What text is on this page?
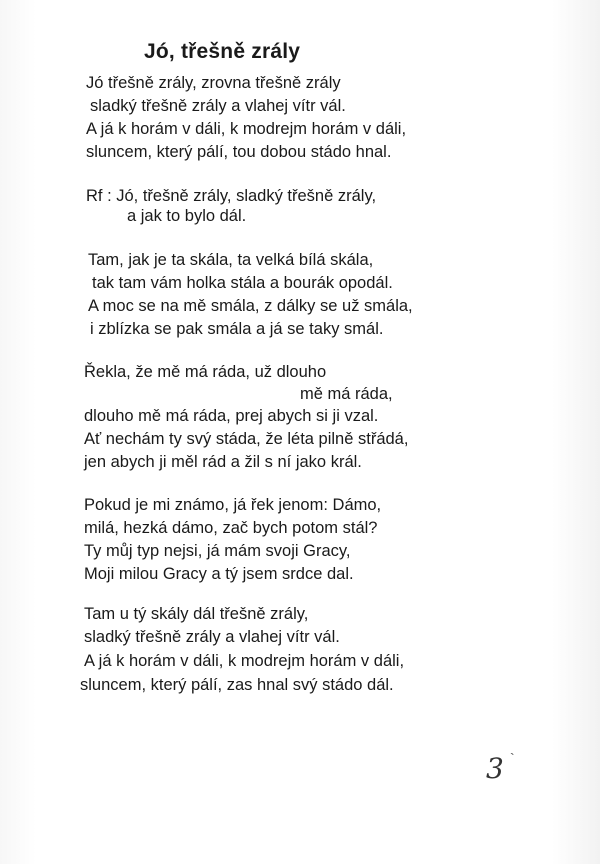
Jó, třešně zrály
Jó třešně zrály, zrovna třešně zrály
sladký třešně zrály a vlahej vítr vál.
A já k horám v dáli, k modrejm horám v dáli,
sluncem, který pálí, tou dobou stádo hnal.
Rf : Jó, třešně zrály, sladký třešně zrály,
a jak to bylo dál.
Tam, jak je ta skála, ta velká bílá skála,
tak tam vám holka stála a bourák opodál.
A moc se na mě smála, z dálky se už smála,
i zblízka se pak smála a já se taky smál.
Řekla, že mě má ráda, už dlouho
mě má ráda,
dlouho mě má ráda, prej abych si ji vzal.
Ať nechám ty svý stáda, že léta pilně střádá,
jen abych ji měl rád a žil s ní jako král.
Pokud je mi známo, já řek jenom: Dámo,
milá, hezká dámo, zač bych potom stál?
Ty můj typ nejsi, já mám svoji Gracy,
Moji milou Gracy a tý jsem srdce dal.
Tam u tý skály dál třešně zrály,
sladký třešně zrály a vlahej vítr vál.
A já k horám v dáli, k modrejm horám v dáli,
sluncem, který pálí, zas hnal svý stádo dál.
3 `
